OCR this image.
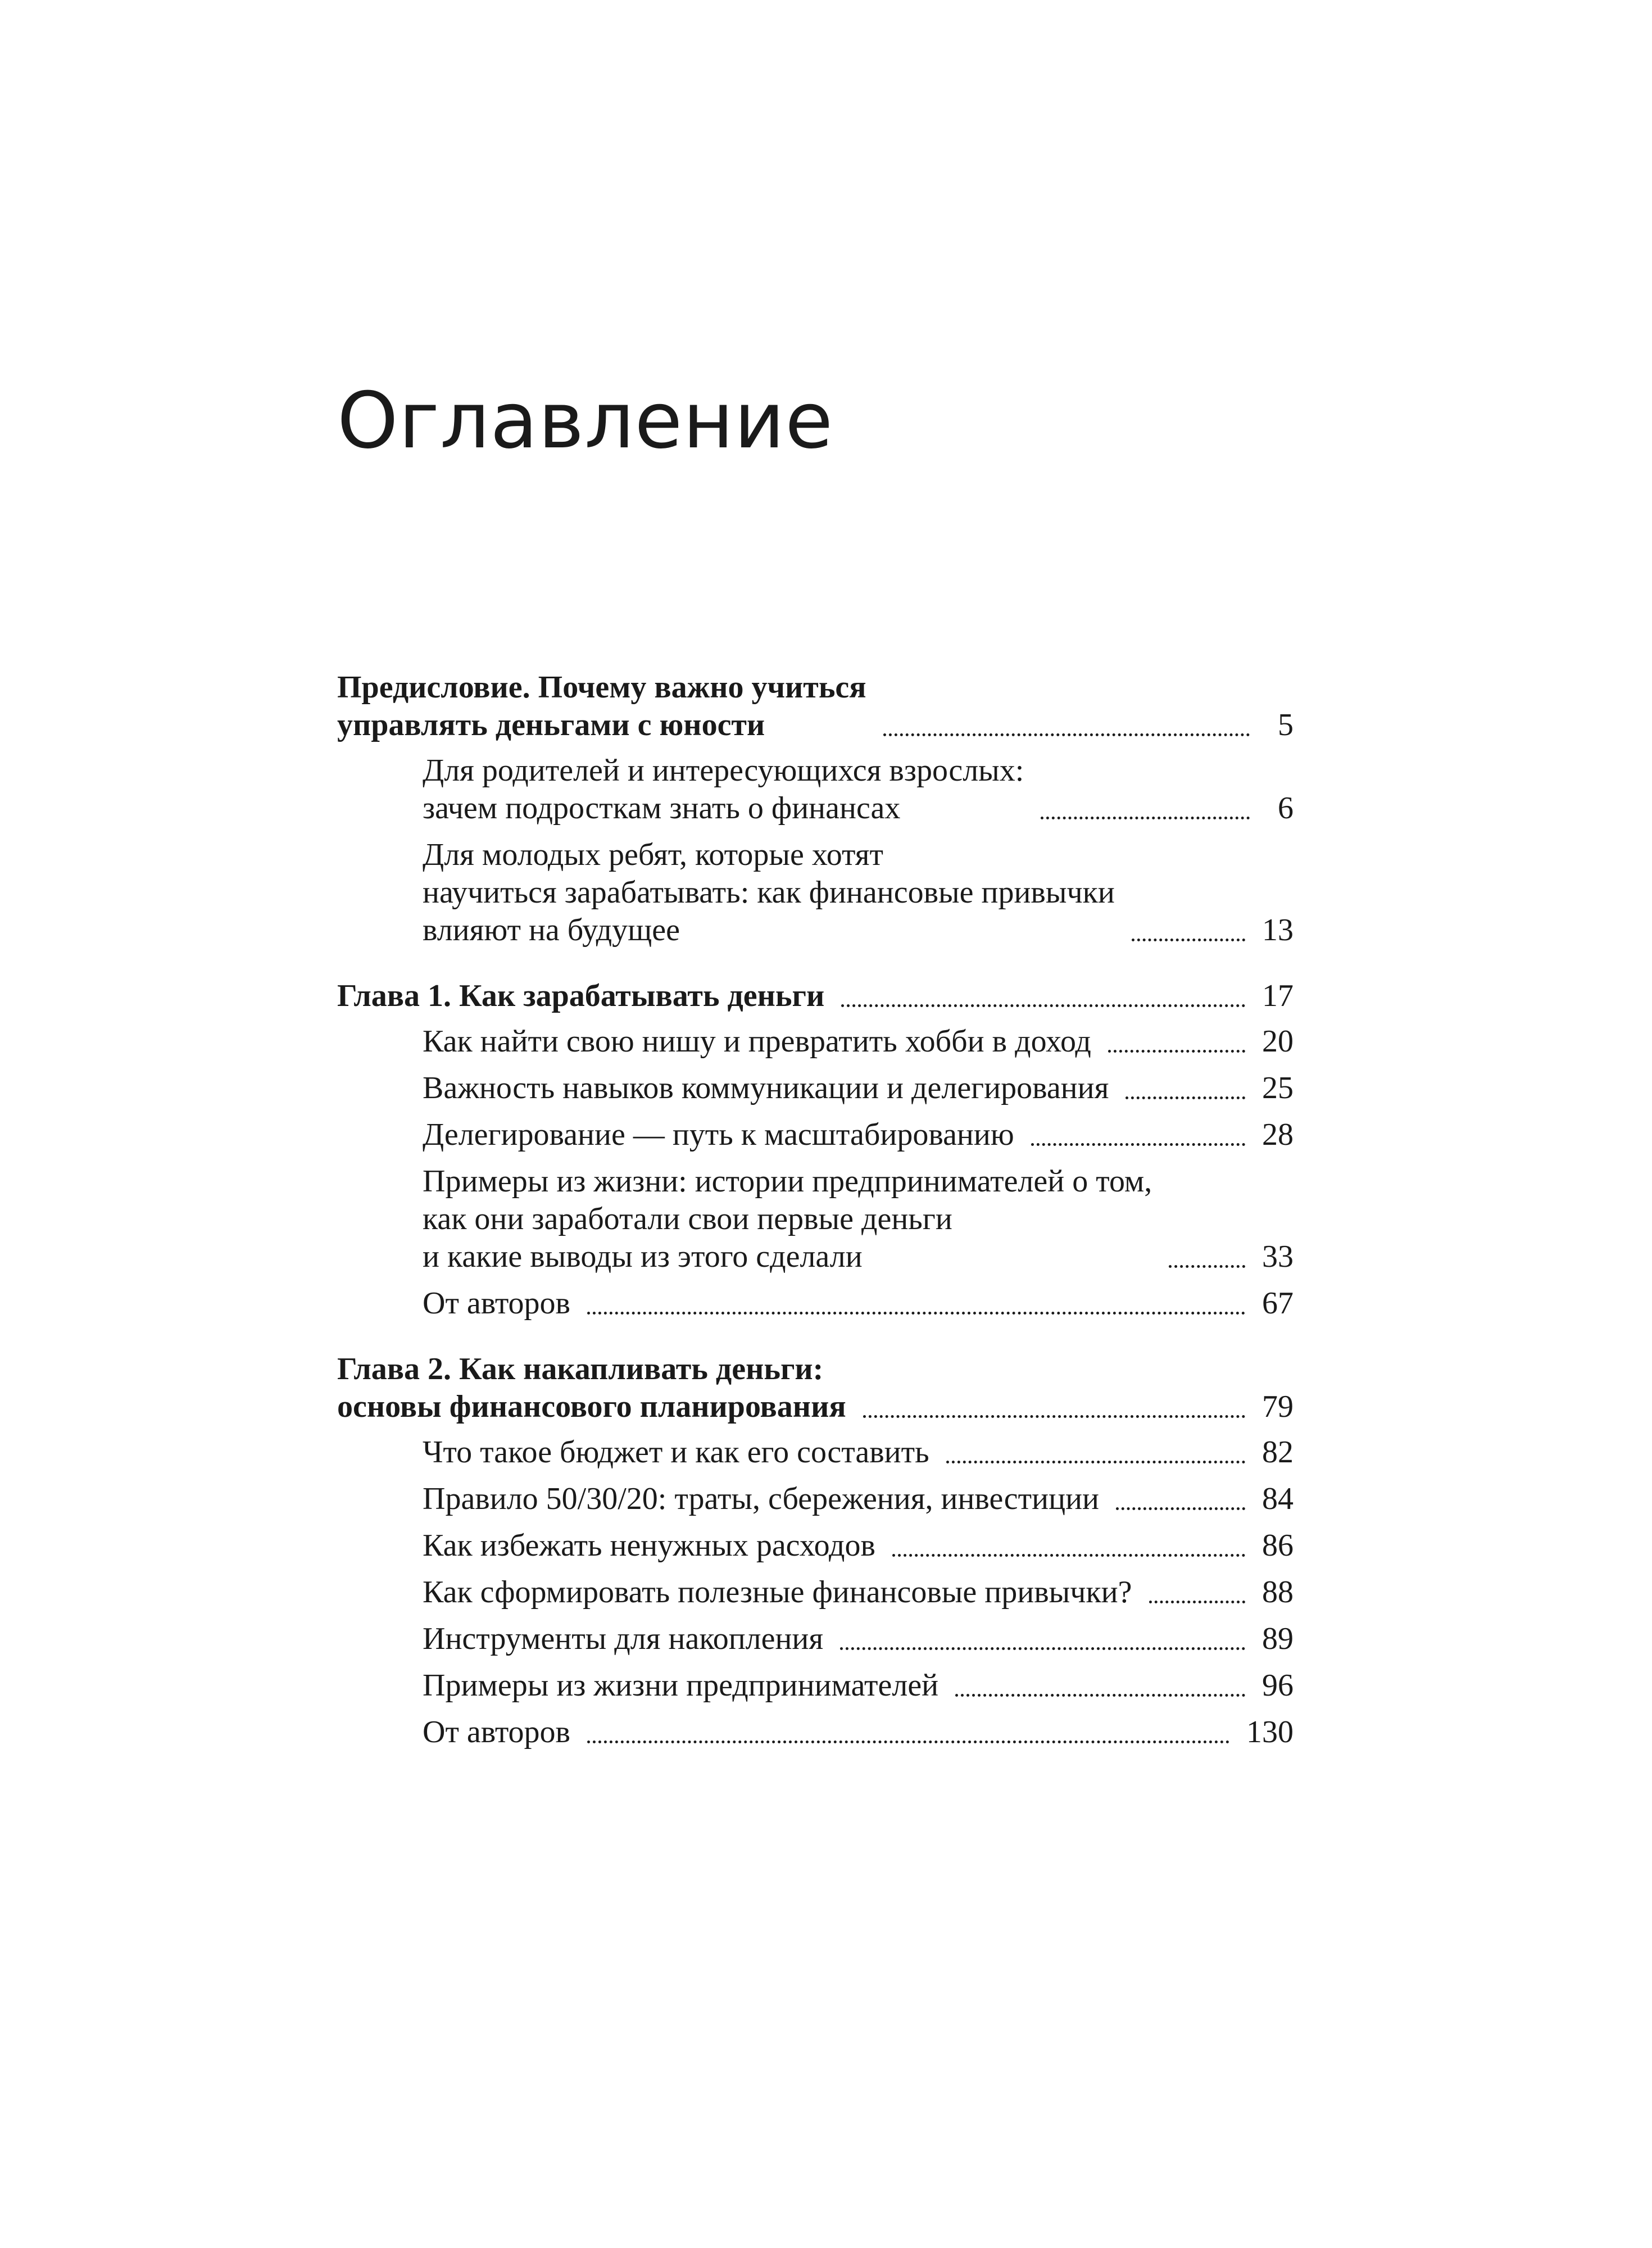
Оглавление
Предисловие. Почему важно учиться
управлять деньгами с юности	5
Для родителей и интересующихся взрослых:
зачем подросткам знать о финансах	6
Для молодых ребят, которые хотят
научиться зарабатывать: как финансовые привычки
влияют на будущее	13
Глава 1. Как зарабатывать деньги	17
Как найти свою нишу и превратить хобби в доход	20
Важность навыков коммуникации и делегирования	25
Делегирование — путь к масштабированию	28
Примеры из жизни: истории предпринимателей о том,
как они заработали свои первые деньги
и какие выводы из этого сделали	33
От авторов	67
Глава 2. Как накапливать деньги:
основы финансового планирования	79
Что такое бюджет и как его составить	82
Правило 50/30/20: траты, сбережения, инвестиции	84
Как избежать ненужных расходов	86
Как сформировать полезные финансовые привычки?	88
Инструменты для накопления	89
Примеры из жизни предпринимателей	96
От авторов	130
